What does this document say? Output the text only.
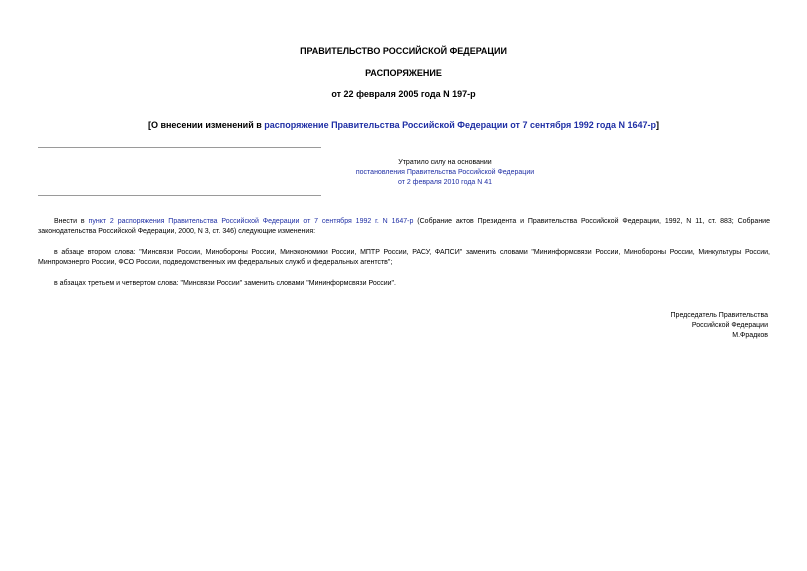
ПРАВИТЕЛЬСТВО РОССИЙСКОЙ ФЕДЕРАЦИИ
РАСПОРЯЖЕНИЕ
от 22 февраля 2005 года N 197-р
[О внесении изменений в распоряжение Правительства Российской Федерации от 7 сентября 1992 года N 1647-р]
Утратило силу на основании
постановления Правительства Российской Федерации
от 2 февраля 2010 года N 41
Внести в пункт 2 распоряжения Правительства Российской Федерации от 7 сентября 1992 г. N 1647-р (Собрание актов Президента и Правительства Российской Федерации, 1992, N 11, ст. 883; Собрание законодательства Российской Федерации, 2000, N 3, ст. 346) следующие изменения:
в абзаце втором слова: "Минсвязи России, Минобороны России, Минэкономики России, МПТР России, РАСУ, ФАПСИ" заменить словами "Мининформсвязи России, Минобороны России, Минкультуры России, Минпромэнерго России, ФСО России, подведомственных им федеральных служб и федеральных агентств";
в абзацах третьем и четвертом слова: "Минсвязи России" заменить словами "Мининформсвязи России".
Председатель Правительства
Российской Федерации
М.Фрадков
